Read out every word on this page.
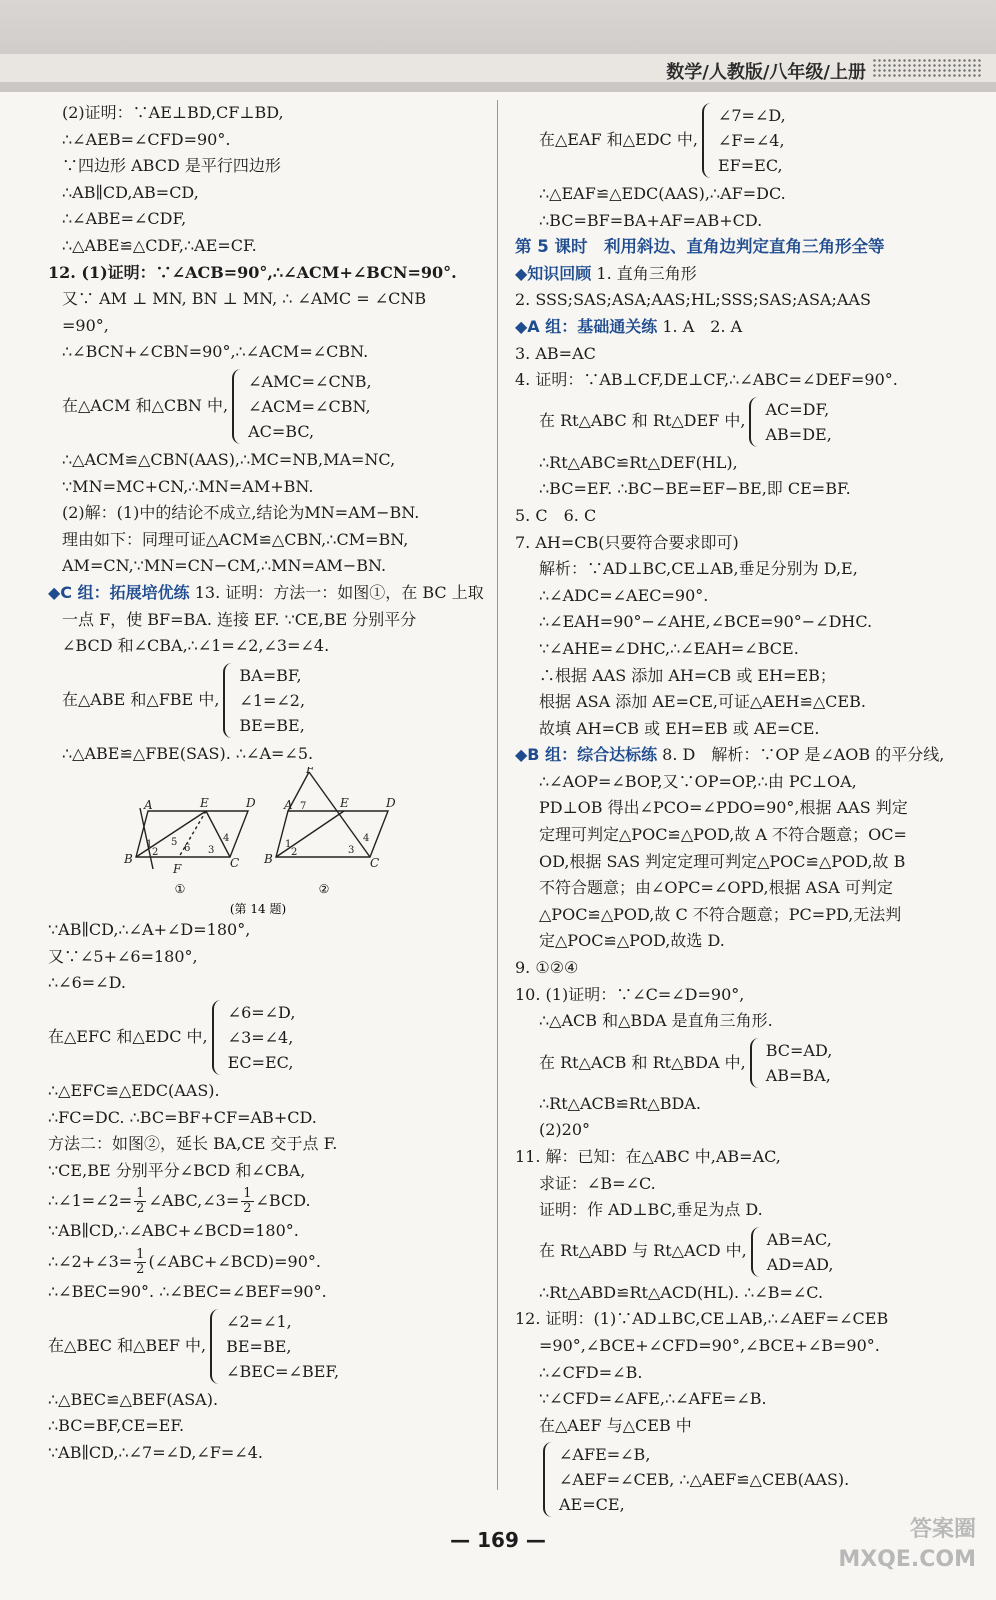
数学/人教版/八年级/上册
(2)证明：∵AE⊥BD,CF⊥BD,
∴∠AEB=∠CFD=90°.
∵四边形 ABCD 是平行四边形
∴AB∥CD,AB=CD,
∴∠ABE=∠CDF,
∴△ABE≌△CDF,∴AE=CF.
12. (1)证明：∵∠ACB=90°,∴∠ACM+∠BCN=90°.
又∵ AM ⊥ MN, BN ⊥ MN, ∴ ∠AMC = ∠CNB
=90°,
∴∠BCN+∠CBN=90°,∴∠ACM=∠CBN.
在△ACM 和△CBN 中,
∠AMC=∠CNB,
∠ACM=∠CBN,
AC=BC,
∴△ACM≌△CBN(AAS),∴MC=NB,MA=NC,
∵MN=MC+CN,∴MN=AM+BN.
(2)解：(1)中的结论不成立,结论为MN=AM−BN.
理由如下：同理可证△ACM≌△CBN,∴CM=BN,
AM=CN,∵MN=CN−CM,∴MN=AM−BN.
◆C 组：拓展培优练 13. 证明：方法一：如图①，在 BC 上取
一点 F，使 BF=BA. 连接 EF. ∵CE,BE 分别平分
∠BCD 和∠CBA,∴∠1=∠2,∠3=∠4.
在△ABE 和△FBE 中,
BA=BF,
∠1=∠2,
BE=BE,
∴△ABE≌△FBE(SAS). ∴∠A=∠5.
A	E	D
B	C
F
A	E	D
B	C
F
1
2
5
6 3
4
7
1
2	3
4
①	②
(第 14 题)
∵AB∥CD,∴∠A+∠D=180°,
又∵∠5+∠6=180°,
∴∠6=∠D.
在△EFC 和△EDC 中,
∠6=∠D,
∠3=∠4,
EC=EC,
∴△EFC≌△EDC(AAS).
∴FC=DC. ∴BC=BF+CF=AB+CD.
方法二：如图②，延长 BA,CE 交于点 F.
∵CE,BE 分别平分∠BCD 和∠CBA,
∴∠1=∠2= $\frac{1}{2}$ ∠ABC,∠3= $\frac{1}{2}$ ∠BCD.
∵AB∥CD,∴∠ABC+∠BCD=180°.
∴∠2+∠3= $\frac{1}{2}$ (∠ABC+∠BCD)=90°.
∴∠BEC=90°. ∴∠BEC=∠BEF=90°.
在△BEC 和△BEF 中,
∠2=∠1,
BE=BE,
∠BEC=∠BEF,
∴△BEC≌△BEF(ASA).
∴BC=BF,CE=EF.
∵AB∥CD,∴∠7=∠D,∠F=∠4.
在△EAF 和△EDC 中,
∠7=∠D,
∠F=∠4,
EF=EC,
∴△EAF≌△EDC(AAS),∴AF=DC.
∴BC=BF=BA+AF=AB+CD.
第 5 课时　利用斜边、直角边判定直角三角形全等
◆知识回顾 1. 直角三角形
2. SSS;SAS;ASA;AAS;HL;SSS;SAS;ASA;AAS
◆A 组：基础通关练 1. A　2. A
3. AB=AC
4. 证明：∵AB⊥CF,DE⊥CF,∴∠ABC=∠DEF=90°.
在 Rt△ABC 和 Rt△DEF 中,
AC=DF,
AB=DE,
∴Rt△ABC≌Rt△DEF(HL),
∴BC=EF. ∴BC−BE=EF−BE,即 CE=BF.
5. C　6. C
7. AH=CB(只要符合要求即可)
解析：∵AD⊥BC,CE⊥AB,垂足分别为 D,E,
∴∠ADC=∠AEC=90°.
∴∠EAH=90°−∠AHE,∠BCE=90°−∠DHC.
∵∠AHE=∠DHC,∴∠EAH=∠BCE.
∴根据 AAS 添加 AH=CB 或 EH=EB；
根据 ASA 添加 AE=CE,可证△AEH≌△CEB.
故填 AH=CB 或 EH=EB 或 AE=CE.
◆B 组：综合达标练 8. D　解析：∵OP 是∠AOB 的平分线,
∴∠AOP=∠BOP,又∵OP=OP,∴由 PC⊥OA,
PD⊥OB 得出∠PCO=∠PDO=90°,根据 AAS 判定
定理可判定△POC≌△POD,故 A 不符合题意；OC=
OD,根据 SAS 判定定理可判定△POC≌△POD,故 B
不符合题意；由∠OPC=∠OPD,根据 ASA 可判定
△POC≌△POD,故 C 不符合题意；PC=PD,无法判
定△POC≌△POD,故选 D.
9. ①②④
10. (1)证明：∵∠C=∠D=90°,
∴△ACB 和△BDA 是直角三角形.
在 Rt△ACB 和 Rt△BDA 中,
BC=AD,
AB=BA,
∴Rt△ACB≌Rt△BDA.
(2)20°
11. 解：已知：在△ABC 中,AB=AC,
求证：∠B=∠C.
证明：作 AD⊥BC,垂足为点 D.
在 Rt△ABD 与 Rt△ACD 中,
AB=AC,
AD=AD,
∴Rt△ABD≌Rt△ACD(HL). ∴∠B=∠C.
12. 证明：(1)∵AD⊥BC,CE⊥AB,∴∠AEF=∠CEB
=90°,∠BCE+∠CFD=90°,∠BCE+∠B=90°.
∴∠CFD=∠B.
∵∠CFD=∠AFE,∴∠AFE=∠B.
在△AEF 与△CEB 中
∠AFE=∠B,
∠AEF=∠CEB, ∴△AEF≌△CEB(AAS).
AE=CE,
— 169 —	答案圈
MXQE.COM
